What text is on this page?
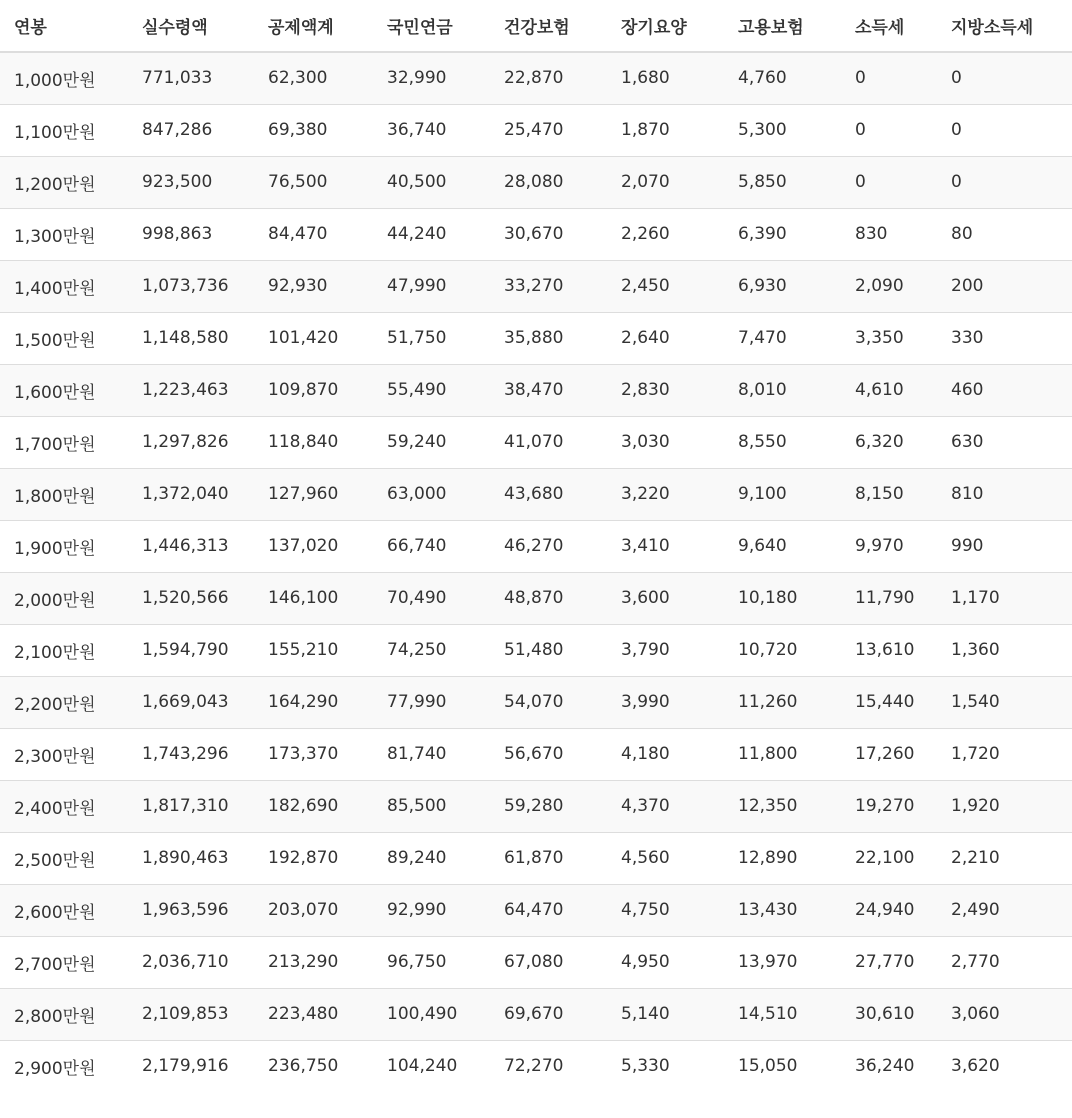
연봉	실수령액	공제액계	국민연금	건강보험	장기요양	고용보험	소득세	지방소득세
1,000만원	771,033	62,300	32,990	22,870	1,680	4,760	0	0
1,100만원	847,286	69,380	36,740	25,470	1,870	5,300	0	0
1,200만원	923,500	76,500	40,500	28,080	2,070	5,850	0	0
1,300만원	998,863	84,470	44,240	30,670	2,260	6,390	830	80
1,400만원	1,073,736	92,930	47,990	33,270	2,450	6,930	2,090	200
1,500만원	1,148,580	101,420	51,750	35,880	2,640	7,470	3,350	330
1,600만원	1,223,463	109,870	55,490	38,470	2,830	8,010	4,610	460
1,700만원	1,297,826	118,840	59,240	41,070	3,030	8,550	6,320	630
1,800만원	1,372,040	127,960	63,000	43,680	3,220	9,100	8,150	810
1,900만원	1,446,313	137,020	66,740	46,270	3,410	9,640	9,970	990
2,000만원	1,520,566	146,100	70,490	48,870	3,600	10,180	11,790	1,170
2,100만원	1,594,790	155,210	74,250	51,480	3,790	10,720	13,610	1,360
2,200만원	1,669,043	164,290	77,990	54,070	3,990	11,260	15,440	1,540
2,300만원	1,743,296	173,370	81,740	56,670	4,180	11,800	17,260	1,720
2,400만원	1,817,310	182,690	85,500	59,280	4,370	12,350	19,270	1,920
2,500만원	1,890,463	192,870	89,240	61,870	4,560	12,890	22,100	2,210
2,600만원	1,963,596	203,070	92,990	64,470	4,750	13,430	24,940	2,490
2,700만원	2,036,710	213,290	96,750	67,080	4,950	13,970	27,770	2,770
2,800만원	2,109,853	223,480	100,490	69,670	5,140	14,510	30,610	3,060
2,900만원	2,179,916	236,750	104,240	72,270	5,330	15,050	36,240	3,620
